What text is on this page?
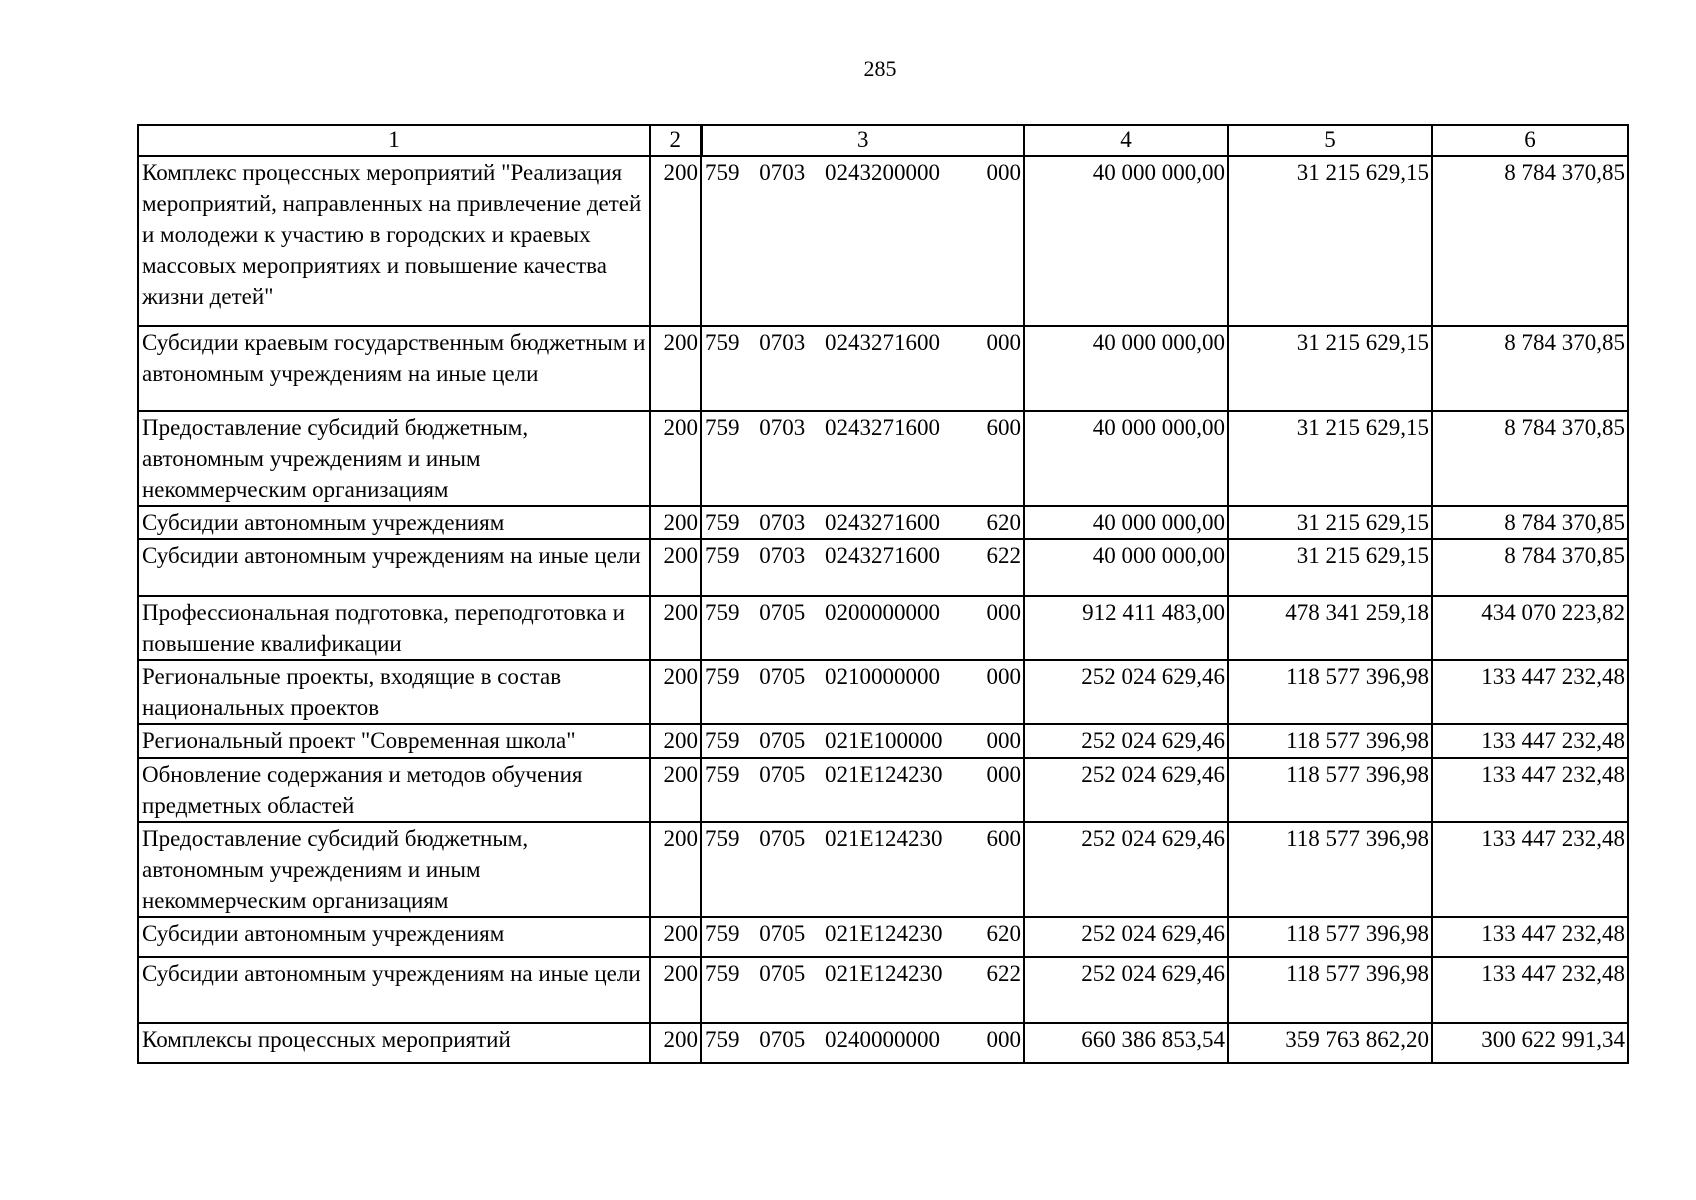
285
1	2	3	4	5	6
Комплекс процессных мероприятий "Реализация мероприятий, направленных на привлечение детей и молодежи к участию в городских и краевых массовых мероприятиях и повышение качества жизни детей"	200	759 0703 0243200000 000	40 000 000,00	31 215 629,15	8 784 370,85
Субсидии краевым государственным бюджетным и автономным учреждениям на иные цели	200	759 0703 0243271600 000	40 000 000,00	31 215 629,15	8 784 370,85
Предоставление субсидий бюджетным, автономным учреждениям и иным некоммерческим организациям	200	759 0703 0243271600 600	40 000 000,00	31 215 629,15	8 784 370,85
Субсидии автономным учреждениям	200	759 0703 0243271600 620	40 000 000,00	31 215 629,15	8 784 370,85
Субсидии автономным учреждениям на иные цели	200	759 0703 0243271600 622	40 000 000,00	31 215 629,15	8 784 370,85
Профессиональная подготовка, переподготовка и повышение квалификации	200	759 0705 0200000000 000	912 411 483,00	478 341 259,18	434 070 223,82
Региональные проекты, входящие в состав национальных проектов	200	759 0705 0210000000 000	252 024 629,46	118 577 396,98	133 447 232,48
Региональный проект "Современная школа"	200	759 0705 021E100000 000	252 024 629,46	118 577 396,98	133 447 232,48
Обновление содержания и методов обучения предметных областей	200	759 0705 021E124230 000	252 024 629,46	118 577 396,98	133 447 232,48
Предоставление субсидий бюджетным, автономным учреждениям и иным некоммерческим организациям	200	759 0705 021E124230 600	252 024 629,46	118 577 396,98	133 447 232,48
Субсидии автономным учреждениям	200	759 0705 021E124230 620	252 024 629,46	118 577 396,98	133 447 232,48
Субсидии автономным учреждениям на иные цели	200	759 0705 021E124230 622	252 024 629,46	118 577 396,98	133 447 232,48
Комплексы процессных мероприятий	200	759 0705 0240000000 000	660 386 853,54	359 763 862,20	300 622 991,34
